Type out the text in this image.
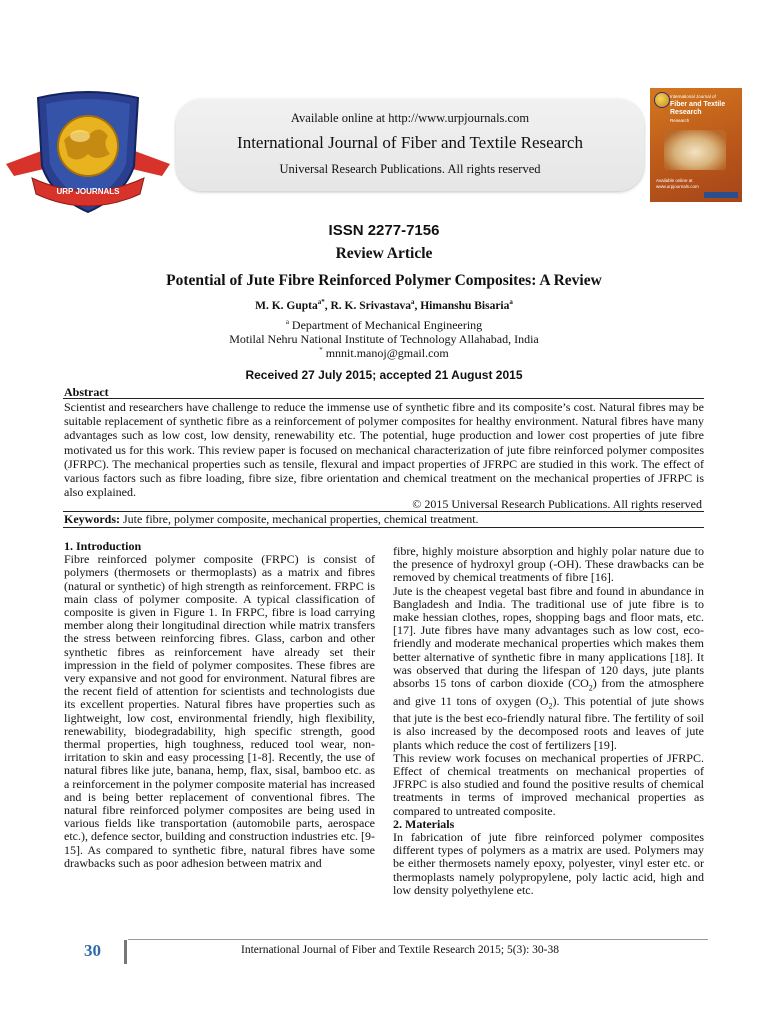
URP JOURNALS
Available online at http://www.urpjournals.com
International Journal of Fiber and Textile Research
Universal Research Publications. All rights reserved
International Journal of
Fiber and Textile Research
Research
Available online at
www.urpjournals.com
ISSN 2277-7156
Review Article
Potential of Jute Fibre Reinforced Polymer Composites: A Review
M. K. Gupta$^{a*}$, R. K. Srivastava$^a$, Himanshu Bisaria$^a$
$^a$ Department of Mechanical Engineering
Motilal Nehru National Institute of Technology Allahabad, India
* mnnit.manoj@gmail.com
Received 27 July 2015; accepted 21 August 2015
Abstract
Scientist and researchers have challenge to reduce the immense use of synthetic fibre and its composite’s cost. Natural fibres may be suitable replacement of synthetic fibre as a reinforcement of polymer composites for healthy environment. Natural fibres have many advantages such as low cost, low density, renewability etc. The potential, huge production and lower cost properties of jute fibre motivated us for this work. This review paper is focused on mechanical characterization of jute fibre reinforced polymer composites (JFRPC). The mechanical properties such as tensile, flexural and impact properties of JFRPC are studied in this work. The effect of various factors such as fibre loading, fibre size, fibre orientation and chemical treatment on the mechanical properties of JFRPC is also explained.
© 2015 Universal Research Publications. All rights reserved
Keywords: Jute fibre, polymer composite, mechanical properties, chemical treatment.

1. Introduction

Fibre reinforced polymer composite (FRPC) is consist of polymers (thermosets or thermoplasts) as a matrix and fibres (natural or synthetic) of high strength as reinforcement. FRPC is main class of polymer composite. A typical classification of composite is given in Figure 1. In FRPC, fibre is load carrying member along their longitudinal direction while matrix transfers the stress between reinforcing fibres. Glass, carbon and other synthetic fibres as reinforcement have already set their impression in the field of polymer composites. These fibres are very expansive and not good for environment. Natural fibres are the recent field of attention for scientists and technologists due its excellent properties. Natural fibres have properties such as lightweight, low cost, environmental friendly, high flexibility, renewability, biodegradability, high specific strength, good thermal properties, high toughness, reduced tool wear, non-irritation to skin and easy processing [1-8]. Recently, the use of natural fibres like jute, banana, hemp, flax, sisal, bamboo etc. as a reinforcement in the polymer composite material has increased and is being better replacement of conventional fibres. The natural fibre reinforced polymer composites are being used in various fields like transportation (automobile parts, aerospace etc.), defence sector, building and construction industries etc. [9-15]. As compared to synthetic fibre, natural fibres have some drawbacks such as poor adhesion between matrix and

fibre, highly moisture absorption and highly polar nature due to the presence of hydroxyl group (-OH). These drawbacks can be removed by chemical treatments of fibre [16].

Jute is the cheapest vegetal bast fibre and found in abundance in Bangladesh and India. The traditional use of jute fibre is to make hessian clothes, ropes, shopping bags and floor mats, etc. [17]. Jute fibres have many advantages such as low cost, eco-friendly and moderate mechanical properties which makes them better alternative of synthetic fibre in many applications [18]. It was observed that during the lifespan of 120 days, jute plants absorbs 15 tons of carbon dioxide $(CO_2)$ from the atmosphere and give 11 tons of oxygen $(O_2)$. This potential of jute shows that jute is the best eco-friendly natural fibre. The fertility of soil is also increased by the decomposed roots and leaves of jute plants which reduce the cost of fertilizers [19].

This review work focuses on mechanical properties of JFRPC. Effect of chemical treatments on mechanical properties of JFRPC is also studied and found the positive results of chemical treatments in terms of improved mechanical properties as compared to untreated composite.

2. Materials

In fabrication of jute fibre reinforced polymer composites different types of polymers as a matrix are used. Polymers may be either thermosets namely epoxy, polyester, vinyl ester etc. or thermoplasts namely polypropylene, poly lactic acid, high and low density polyethylene etc.

30	International Journal of Fiber and Textile Research 2015; 5(3): 30-38
